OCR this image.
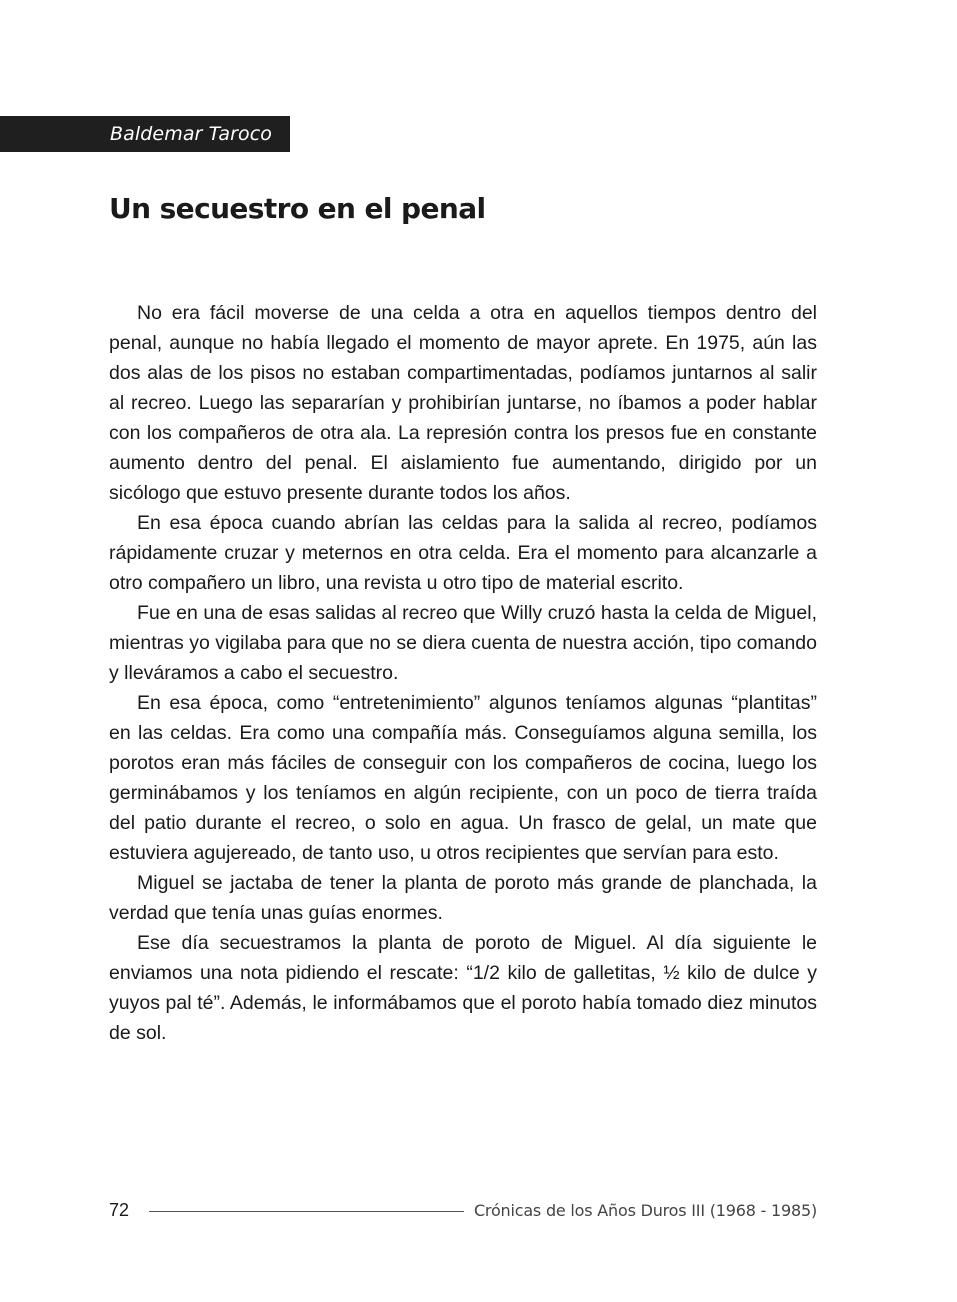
Baldemar Taroco
Un secuestro en el penal

No era fácil moverse de una celda a otra en aquellos tiempos dentro del penal, aunque no había llegado el momento de mayor aprete. En 1975, aún las dos alas de los pisos no estaban compartimentadas, podíamos juntarnos al salir al recreo. Luego las separarían y prohibirían juntarse, no íbamos a poder hablar con los compañeros de otra ala. La represión contra los presos fue en constante aumento dentro del penal. El aislamiento fue aumentando, dirigido por un sicólogo que estuvo presente durante todos los años.

En esa época cuando abrían las celdas para la salida al recreo, podíamos rápidamente cruzar y meternos en otra celda. Era el momento para alcanzarle a otro compañero un libro, una revista u otro tipo de material escrito.

Fue en una de esas salidas al recreo que Willy cruzó hasta la celda de Miguel, mientras yo vigilaba para que no se diera cuenta de nuestra acción, tipo comando y lleváramos a cabo el secuestro.

En esa época, como “entretenimiento” algunos teníamos algunas “plantitas” en las celdas. Era como una compañía más. Conseguíamos alguna semilla, los porotos eran más fáciles de conseguir con los compañeros de cocina, luego los germinábamos y los teníamos en algún recipiente, con un poco de tierra traída del patio durante el recreo, o solo en agua. Un frasco de gelal, un mate que estuviera agujereado, de tanto uso, u otros recipientes que servían para esto.

Miguel se jactaba de tener la planta de poroto más grande de planchada, la verdad que tenía unas guías enormes.

Ese día secuestramos la planta de poroto de Miguel. Al día siguiente le enviamos una nota pidiendo el rescate: “1/2 kilo de galletitas, ½ kilo de dulce y yuyos pal té”. Además, le informábamos que el poroto había tomado diez minutos de sol.

72	Crónicas de los Años Duros III (1968 - 1985)
